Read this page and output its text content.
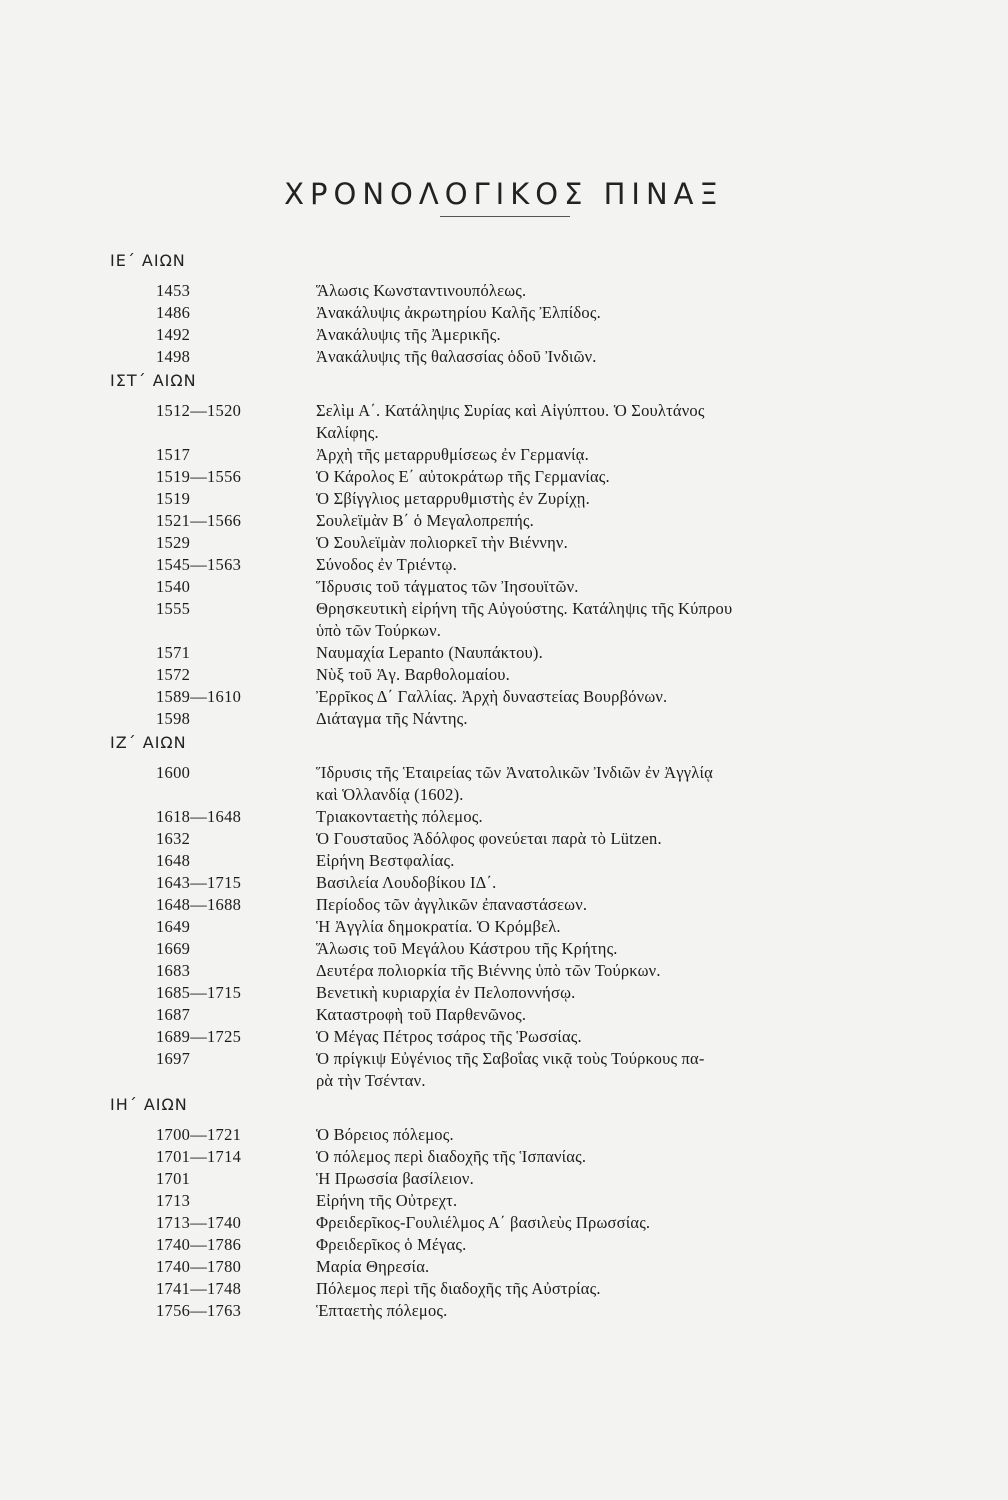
ΧΡΟΝΟΛΟΓΙΚΟΣ ΠΙΝΑΞ
ΙΕ΄ ΑΙΩΝ
1453	Ἅλωσις Κωνσταντινουπόλεως.
1486	Ἀνακάλυψις ἀκρωτηρίου Καλῆς Ἐλπίδος.
1492	Ἀνακάλυψις τῆς Ἀμερικῆς.
1498	Ἀνακάλυψις τῆς θαλασσίας ὁδοῦ Ἰνδιῶν.
ΙΣΤ΄ ΑΙΩΝ
1512—1520	Σελὶμ Α΄. Κατάληψις Συρίας καὶ Αἰγύπτου. Ὁ Σουλτάνος
Καλίφης.
1517	Ἀρχὴ τῆς μεταρρυθμίσεως ἐν Γερμανίᾳ.
1519—1556	Ὁ Κάρολος Ε΄ αὐτοκράτωρ τῆς Γερμανίας.
1519	Ὁ Σβίγγλιος μεταρρυθμιστὴς ἐν Ζυρίχῃ.
1521—1566	Σουλεϊμὰν Β΄ ὁ Μεγαλοπρεπής.
1529	Ὁ Σουλεϊμὰν πολιορκεῖ τὴν Βιέννην.
1545—1563	Σύνοδος ἐν Τριέντῳ.
1540	Ἵδρυσις τοῦ τάγματος τῶν Ἰησουϊτῶν.
1555	Θρησκευτικὴ εἰρήνη τῆς Αὐγούστης. Κατάληψις τῆς Κύπρου
ὑπὸ τῶν Τούρκων.
1571	Ναυμαχία Lepanto (Ναυπάκτου).
1572	Νὺξ τοῦ Ἁγ. Βαρθολομαίου.
1589—1610	Ἐρρῖκος Δ΄ Γαλλίας. Ἀρχὴ δυναστείας Βουρβόνων.
1598	Διάταγμα τῆς Νάντης.
ΙΖ΄ ΑΙΩΝ
1600	Ἵδρυσις τῆς Ἑταιρείας τῶν Ἀνατολικῶν Ἰνδιῶν ἐν Ἀγγλίᾳ
καὶ Ὁλλανδίᾳ (1602).
1618—1648	Τριακονταετὴς πόλεμος.
1632	Ὁ Γουσταῦος Ἀδόλφος φονεύεται παρὰ τὸ Lützen.
1648	Εἰρήνη Βεστφαλίας.
1643—1715	Βασιλεία Λουδοβίκου ΙΔ΄.
1648—1688	Περίοδος τῶν ἀγγλικῶν ἐπαναστάσεων.
1649	Ἡ Ἀγγλία δημοκρατία. Ὁ Κρόμβελ.
1669	Ἅλωσις τοῦ Μεγάλου Κάστρου τῆς Κρήτης.
1683	Δευτέρα πολιορκία τῆς Βιέννης ὑπὸ τῶν Τούρκων.
1685—1715	Βενετικὴ κυριαρχία ἐν Πελοποννήσῳ.
1687	Καταστροφὴ τοῦ Παρθενῶνος.
1689—1725	Ὁ Μέγας Πέτρος τσάρος τῆς Ῥωσσίας.
1697	Ὁ πρίγκιψ Εὐγένιος τῆς Σαβοΐας νικᾷ τοὺς Τούρκους πα-
ρὰ τὴν Τσένταν.
ΙΗ΄ ΑΙΩΝ
1700—1721	Ὁ Βόρειος πόλεμος.
1701—1714	Ὁ πόλεμος περὶ διαδοχῆς τῆς Ἱσπανίας.
1701	Ἡ Πρωσσία βασίλειον.
1713	Εἰρήνη τῆς Οὐτρεχτ.
1713—1740	Φρειδερῖκος-Γουλιέλμος Α΄ βασιλεὺς Πρωσσίας.
1740—1786	Φρειδερῖκος ὁ Μέγας.
1740—1780	Μαρία Θηρεσία.
1741—1748	Πόλεμος περὶ τῆς διαδοχῆς τῆς Αὐστρίας.
1756—1763	Ἑπταετὴς πόλεμος.
